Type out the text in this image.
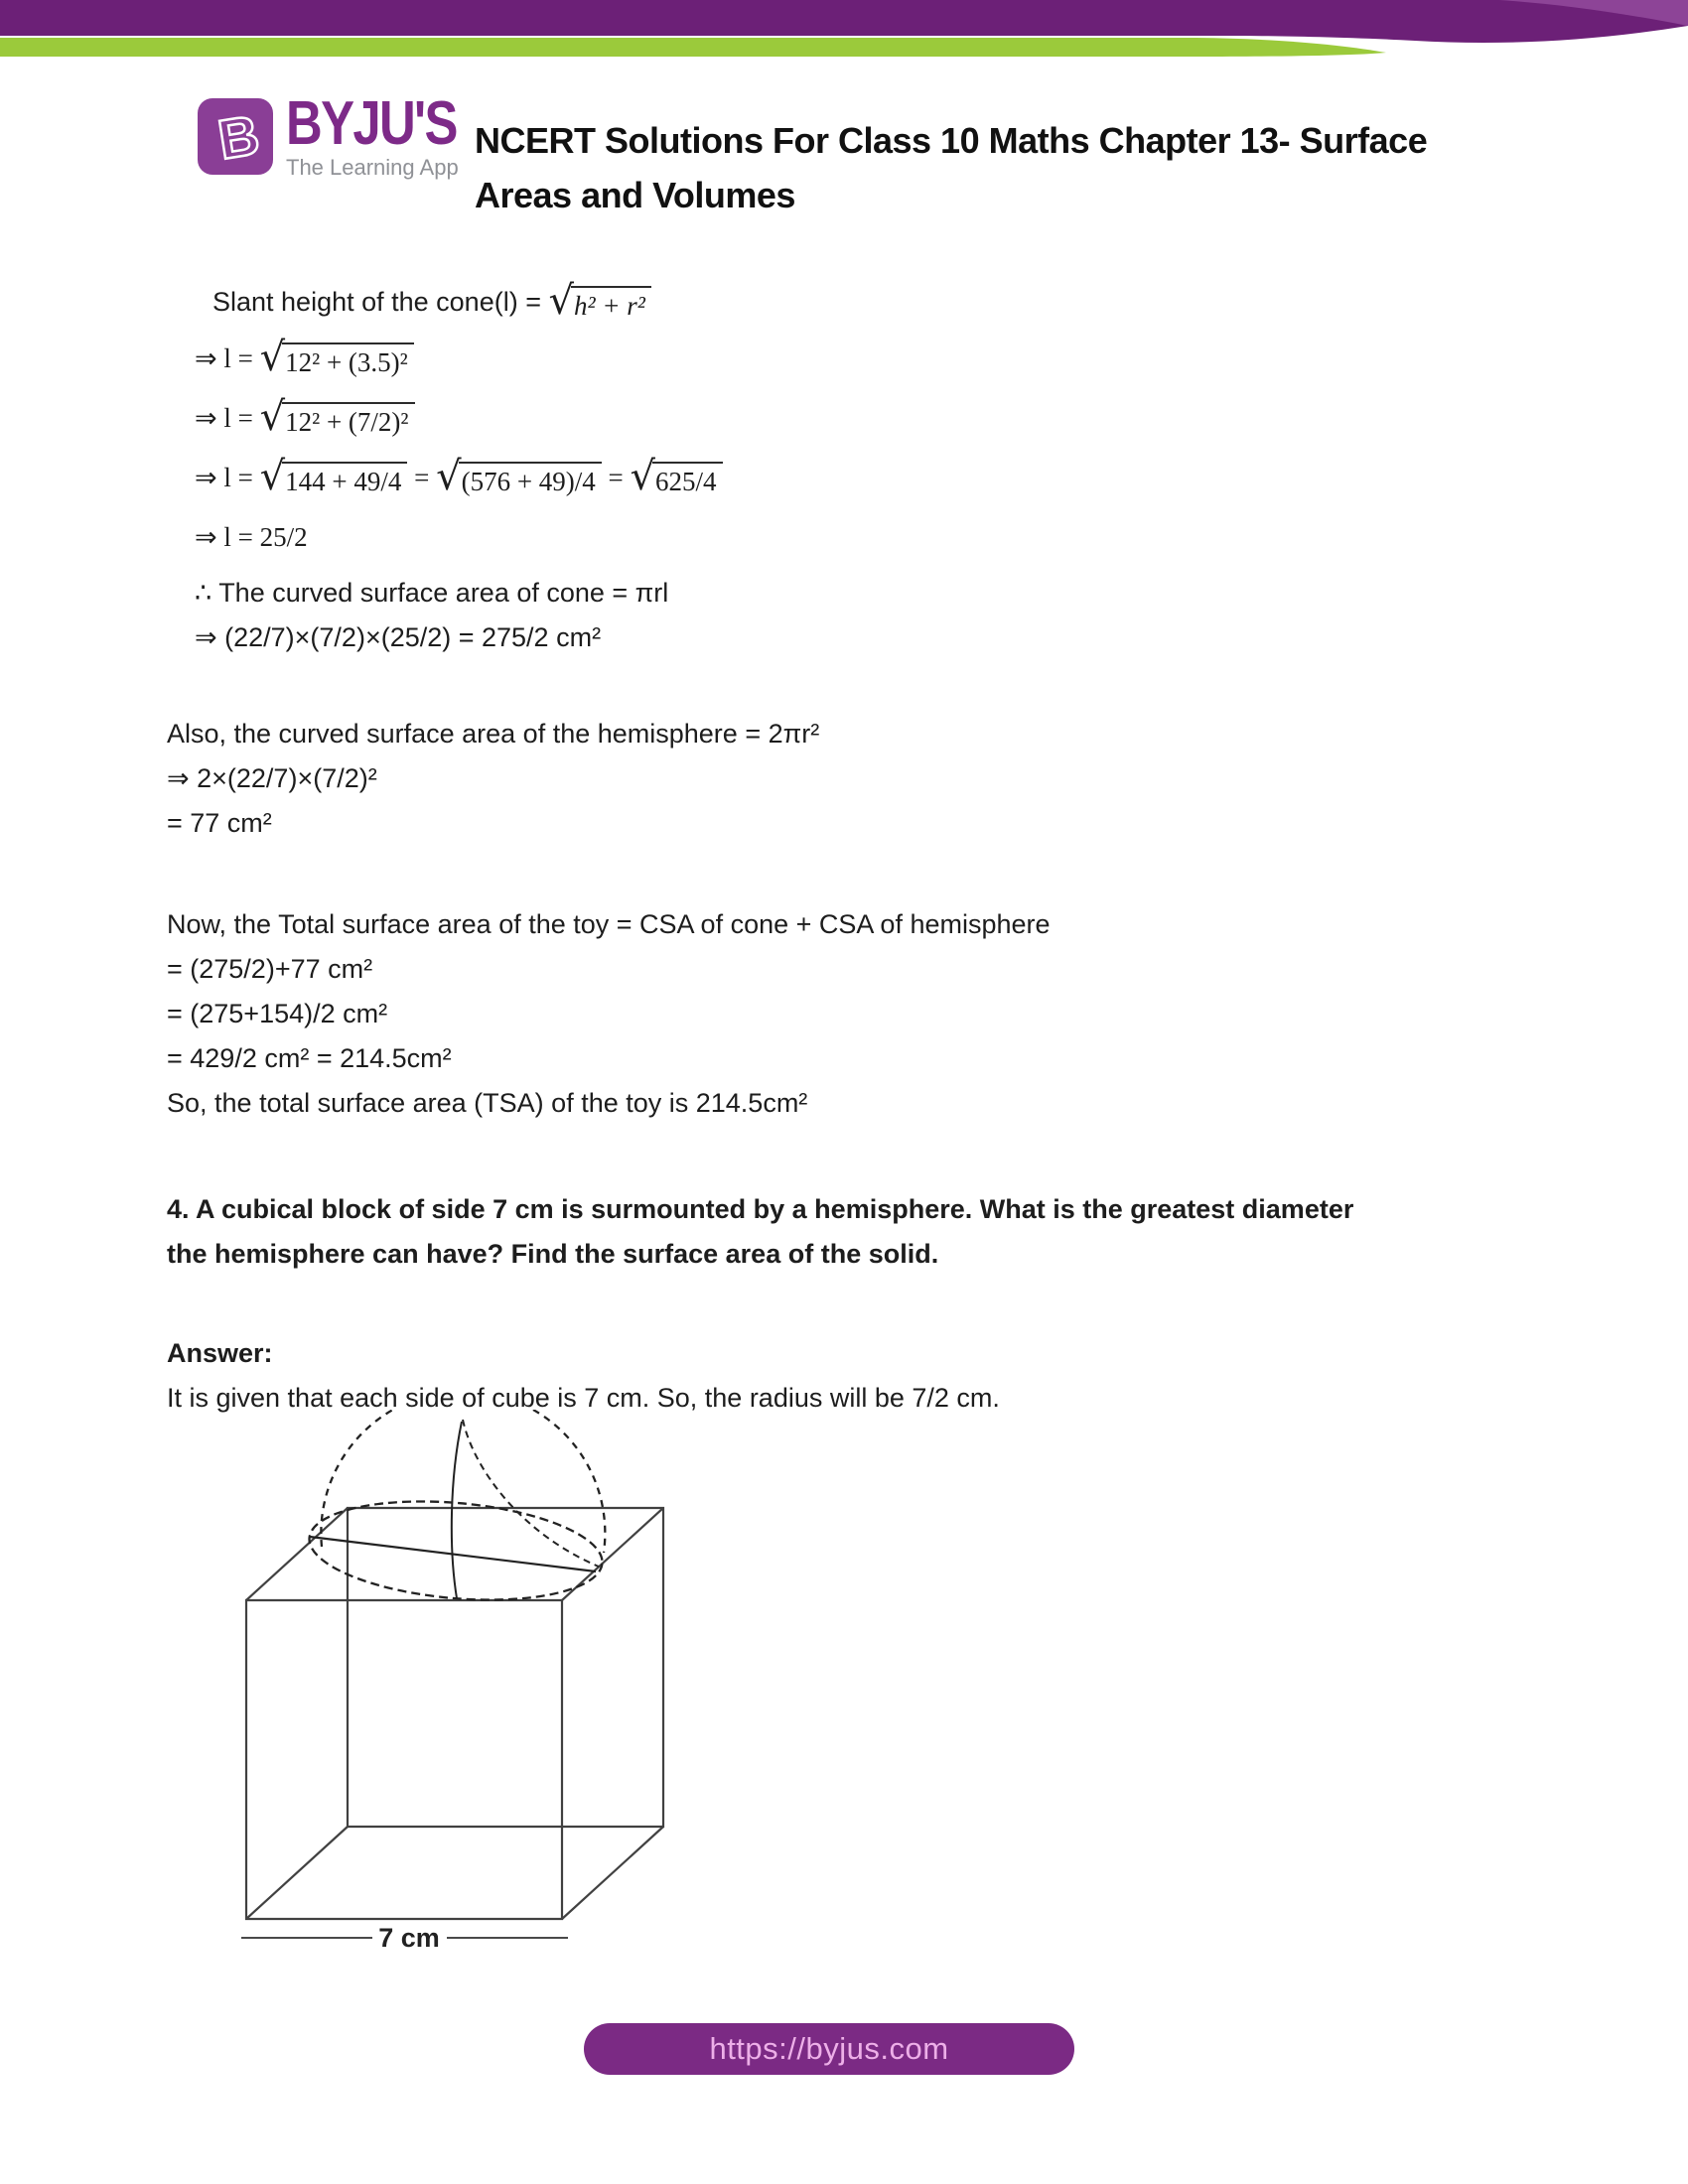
B BYJU'S
The Learning App
NCERT Solutions For Class 10 Maths Chapter 13- Surface
Areas and Volumes
Slant height of the cone(l) = √ h² + r²
⇒ l = √ 12² + (3.5)²
⇒ l = √ 12² + (7/2)²
⇒ l = √ 144 + 49/4 = √ (576 + 49)/4 = √ 625/4
⇒ l = 25/2
∴ The curved surface area of cone = πrl
⇒ (22/7)×(7/2)×(25/2) = 275/2 cm²
Also, the curved surface area of the hemisphere = 2πr²
⇒ 2×(22/7)×(7/2)²
= 77 cm²
Now, the Total surface area of the toy = CSA of cone + CSA of hemisphere
= (275/2)+77 cm²
= (275+154)/2 cm²
= 429/2 cm² = 214.5cm²
So, the total surface area (TSA) of the toy is 214.5cm²
4. A cubical block of side 7 cm is surmounted by a hemisphere. What is the greatest diameter
the hemisphere can have? Find the surface area of the solid.
Answer:
It is given that each side of cube is 7 cm. So, the radius will be 7/2 cm.
7 cm
https://byjus.com
